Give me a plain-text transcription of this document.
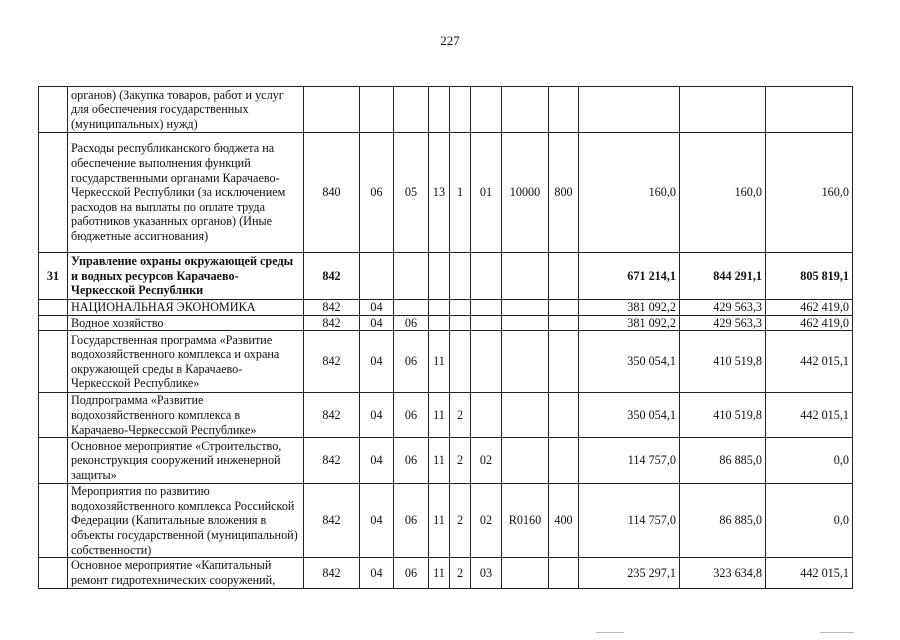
227
	органов) (Закупка товаров, работ и услуг для обеспечения государственных (муниципальных) нужд)											
	Расходы республиканского бюджета на обеспечение выполнения функций государственными органами Карачаево-Черкесской Республики (за исключением расходов на выплаты по оплате труда работников указанных органов) (Иные бюджетные ассигнования)	840	06	05	13	1	01	10000	800	160,0	160,0	160,0
31	Управление охраны окружающей среды и водных ресурсов Карачаево-Черкесской Республики	842								671 214,1	844 291,1	805 819,1
	НАЦИОНАЛЬНАЯ ЭКОНОМИКА	842	04							381 092,2	429 563,3	462 419,0
	Водное хозяйство	842	04	06						381 092,2	429 563,3	462 419,0
	Государственная программа «Развитие водохозяйственного комплекса и охрана окружающей среды в Карачаево-Черкесской Республике»	842	04	06	11					350 054,1	410 519,8	442 015,1
	Подпрограмма «Развитие водохозяйственного комплекса в Карачаево-Черкесской Республике»	842	04	06	11	2				350 054,1	410 519,8	442 015,1
	Основное мероприятие «Строительство, реконструкция сооружений инженерной защиты»	842	04	06	11	2	02			114 757,0	86 885,0	0,0
	Мероприятия по развитию водохозяйственного комплекса Российской Федерации (Капитальные вложения в объекты государственной (муниципальной) собственности)	842	04	06	11	2	02	R0160	400	114 757,0	86 885,0	0,0
	Основное мероприятие «Капитальный ремонт гидротехнических сооружений,	842	04	06	11	2	03			235 297,1	323 634,8	442 015,1
